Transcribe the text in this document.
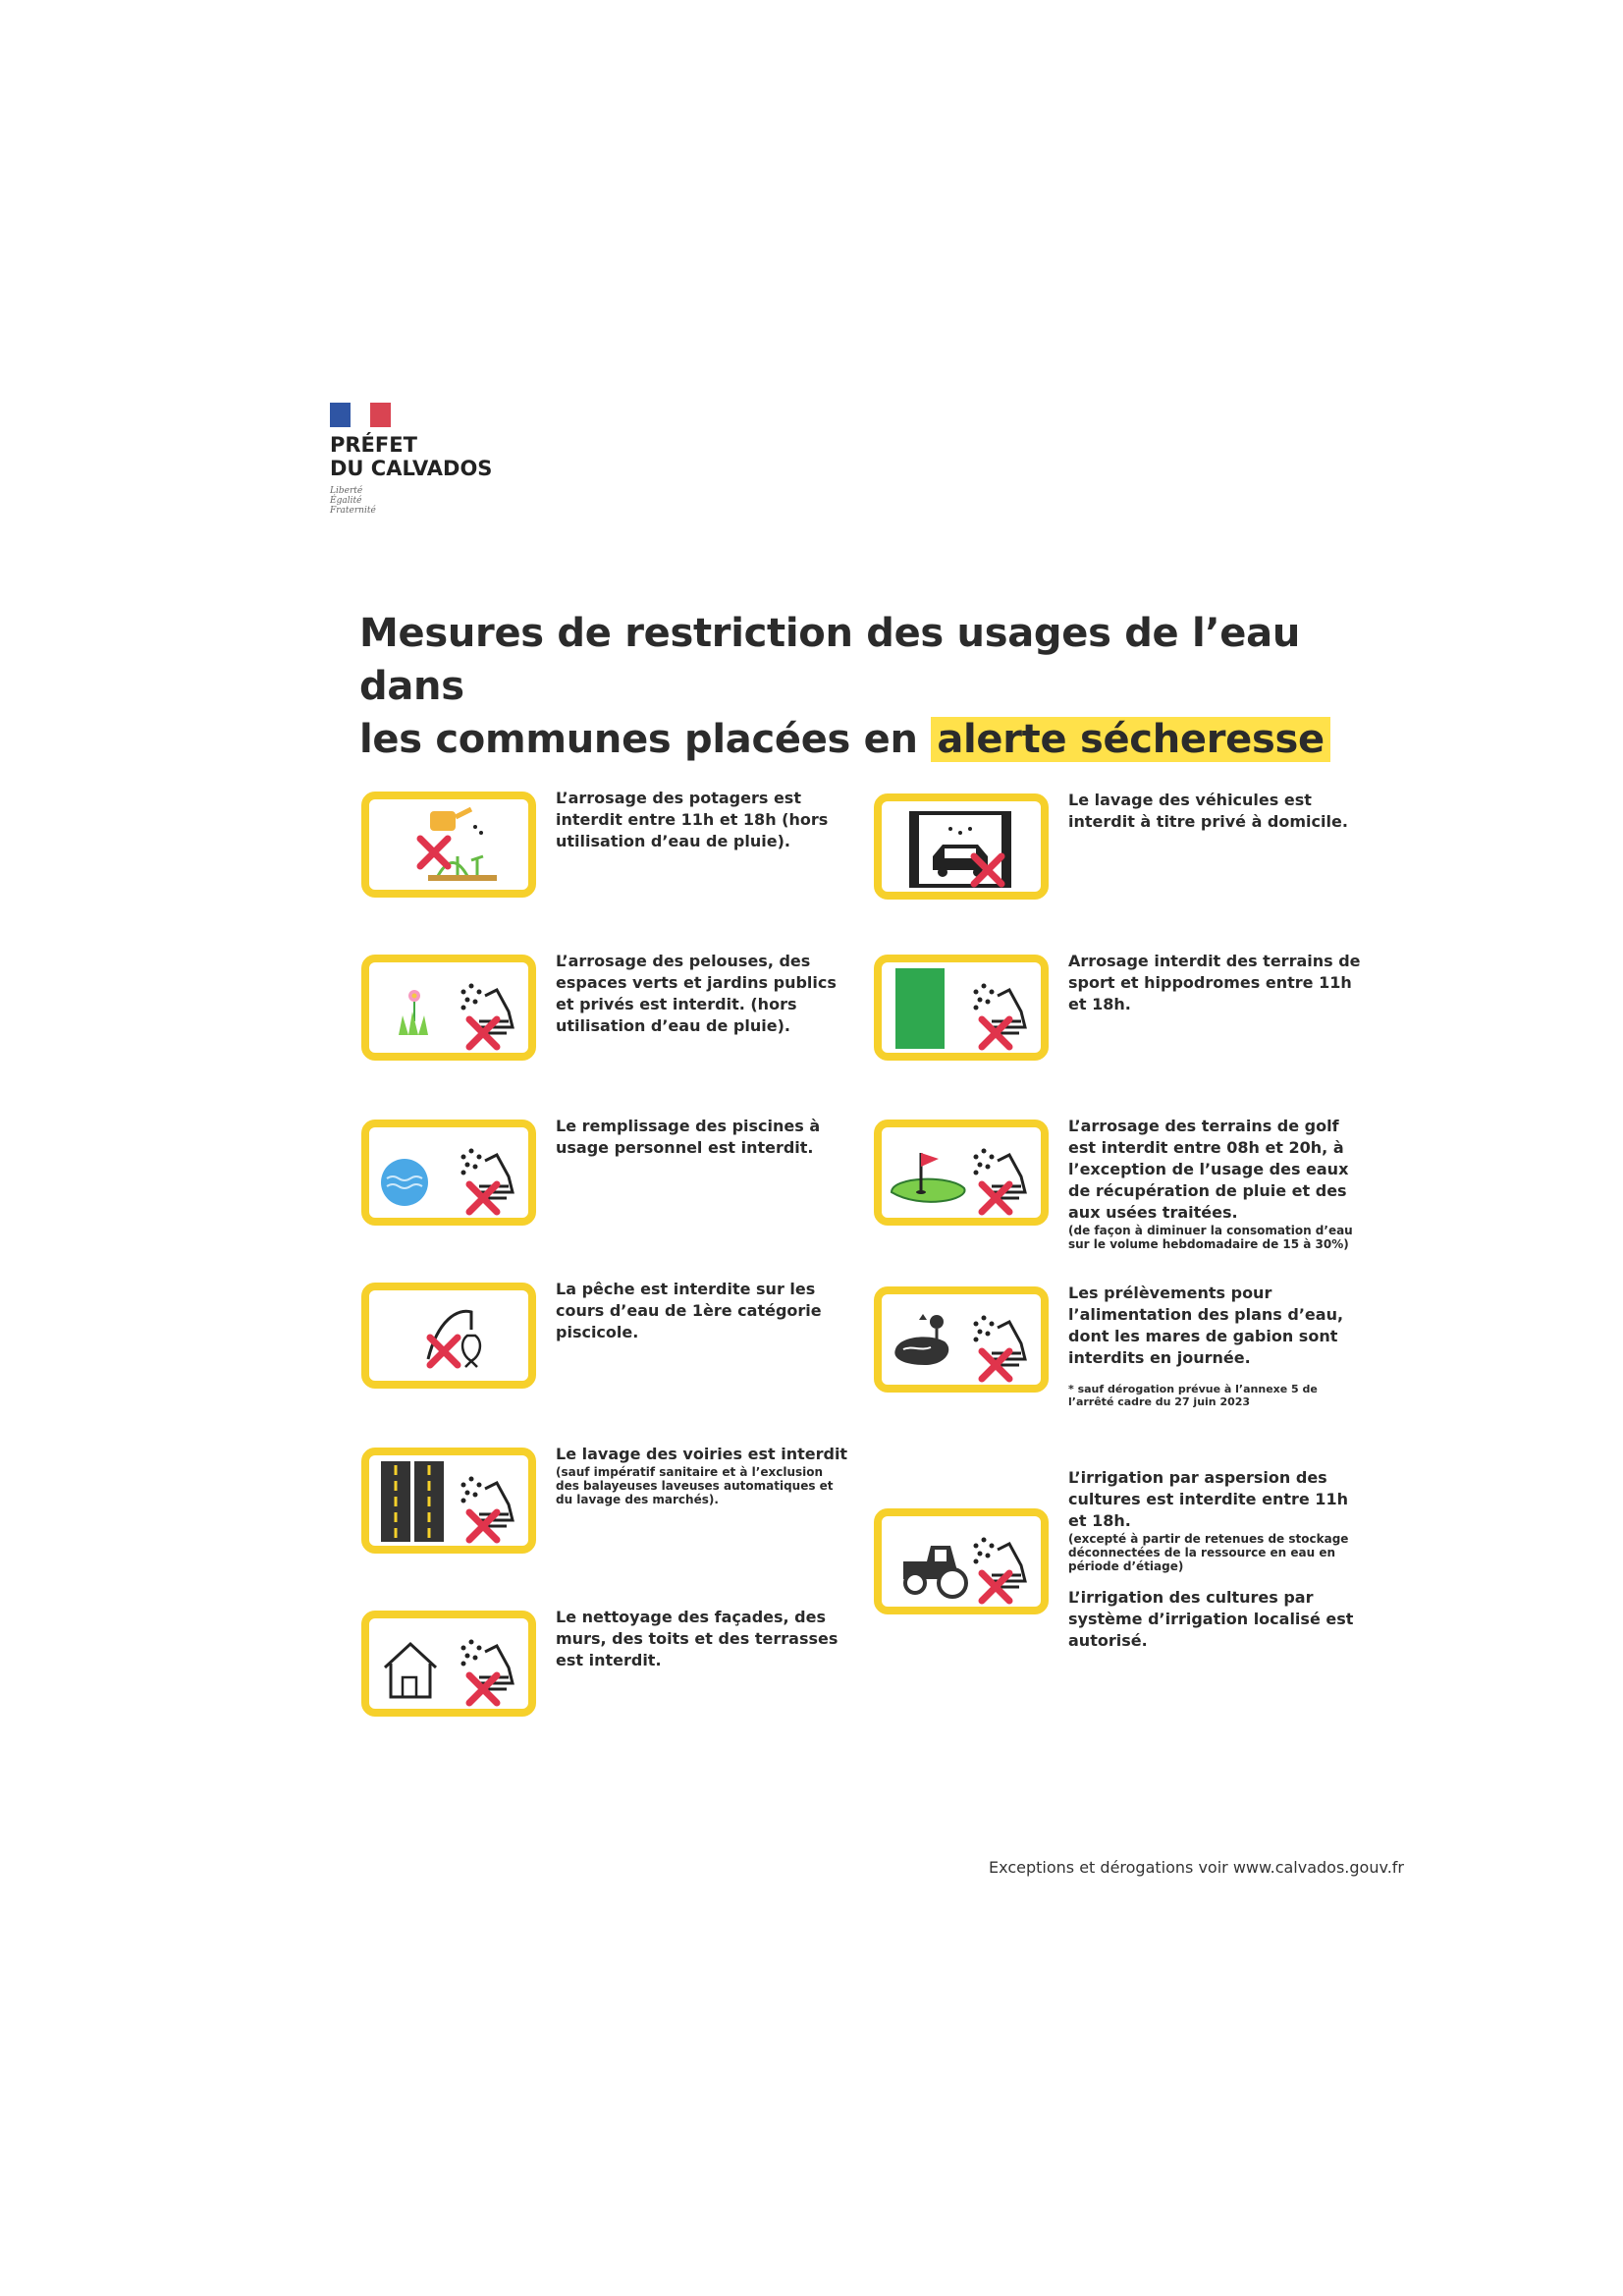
PRÉFET
DU CALVADOS
Liberté
Égalité
Fraternité
Mesures de restriction des usages de l’eau dans
les communes placées en alerte sécheresse
L’arrosage des potagers est interdit entre 11h et 18h (hors utilisation d’eau de pluie).
L’arrosage des pelouses, des espaces verts et jardins publics et privés est interdit. (hors utilisation d’eau de pluie).
Le remplissage des piscines à usage personnel est interdit.
La pêche est interdite sur les cours d’eau de 1ère catégorie piscicole.
Le lavage des voiries est interdit
(sauf impératif sanitaire et à l’exclusion des balayeuses laveuses automatiques et du lavage des marchés).
Le nettoyage des façades, des murs, des toits et des terrasses est interdit.
Le lavage des véhicules est interdit à titre privé à domicile.
Arrosage interdit des terrains de sport et hippodromes entre 11h et 18h.
L’arrosage des terrains de golf est interdit entre 08h et 20h, à l’exception de l’usage des eaux de récupération de pluie et des aux usées traitées.
(de façon à diminuer la consomation d’eau sur le volume hebdomadaire de 15 à 30%)
Les prélèvements pour l’alimentation des plans d’eau, dont les mares de gabion sont interdits en journée.
* sauf dérogation prévue à l’annexe 5 de l’arrêté cadre du 27 juin 2023
L’irrigation par aspersion des cultures est interdite entre 11h et 18h.
(excepté à partir de retenues de stockage déconnectées de la ressource en eau en période d’étiage)
L’irrigation des cultures par système d’irrigation localisé est autorisé.
Exceptions et dérogations voir www.calvados.gouv.fr
